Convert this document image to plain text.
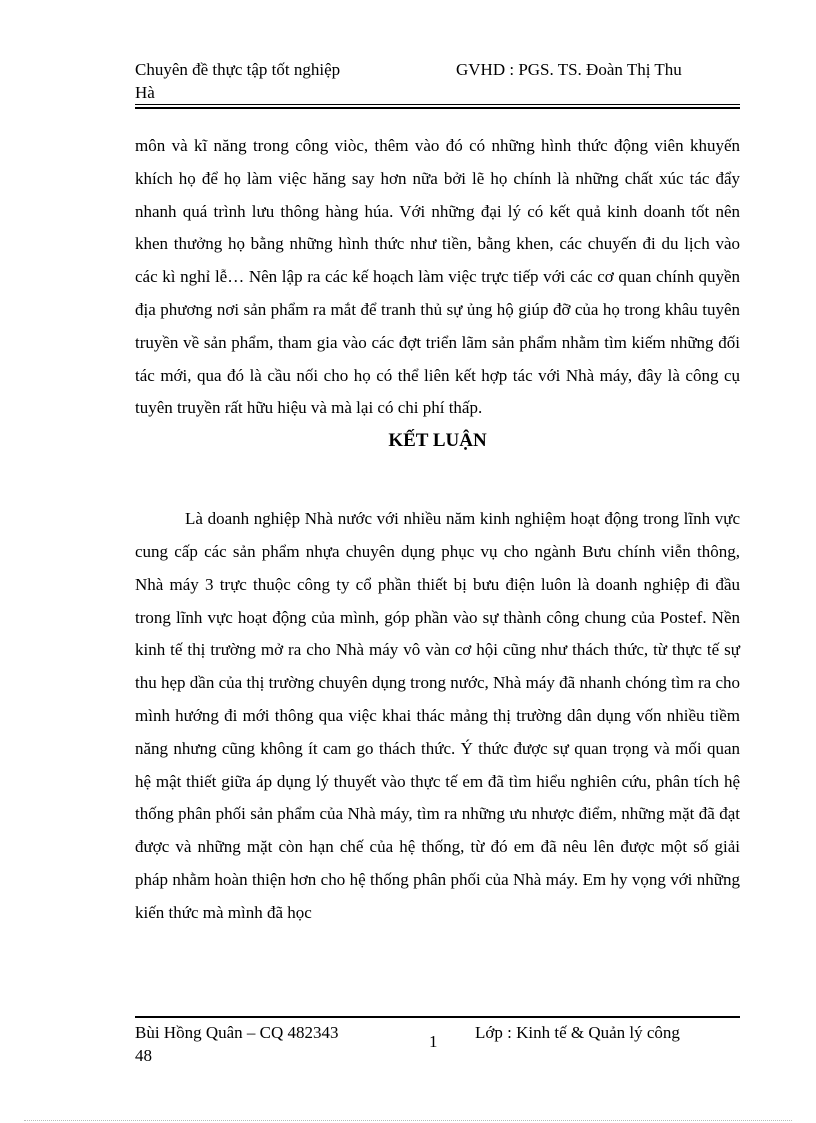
Chuyên đề thực tập tốt nghiệp	GVHD : PGS. TS. Đoàn Thị Thu
Hà

môn và kĩ năng trong công viòc, thêm vào đó có những hình thức động viên khuyến khích họ để họ làm việc hăng say hơn nữa bởi lẽ họ chính là những chất xúc tác đẩy nhanh quá trình lưu thông hàng húa. Với những đại lý có kết quả kinh doanh tốt nên khen thưởng họ bằng những hình thức như tiền, bằng khen, các chuyến đi du lịch vào các kì nghỉ lễ… Nên lập ra các kế hoạch làm việc trực tiếp với các cơ quan chính quyền địa phương nơi sản phẩm ra mắt để tranh thủ sự ủng hộ giúp đỡ của họ trong khâu tuyên truyền về sản phẩm, tham gia vào các đợt triển lãm sản phẩm nhằm tìm kiếm những đối tác mới, qua đó là cầu nối cho họ có thể liên kết hợp tác với Nhà máy, đây là công cụ tuyên truyền rất hữu hiệu và mà lại có chi phí thấp.

KẾT LUẬN

Là doanh nghiệp Nhà nước với nhiều năm kinh nghiệm hoạt động trong lĩnh vực cung cấp các sản phẩm nhựa chuyên dụng phục vụ cho ngành Bưu chính viễn thông, Nhà máy 3 trực thuộc công ty cổ phần thiết bị bưu điện luôn là doanh nghiệp đi đầu trong lĩnh vực hoạt động của mình, góp phần vào sự thành công chung của Postef. Nền kinh tế thị trường mở ra cho Nhà máy vô vàn cơ hội cũng như thách thức, từ thực tế sự thu hẹp dần của thị trường chuyên dụng trong nước, Nhà máy đã nhanh chóng tìm ra cho mình hướng đi mới thông qua việc khai thác mảng thị trường dân dụng vốn nhiều tiềm năng nhưng cũng không ít cam go thách thức. Ý thức được sự quan trọng và mối quan hệ mật thiết giữa áp dụng lý thuyết vào thực tế em đã tìm hiểu nghiên cứu, phân tích hệ thống phân phối sản phẩm của Nhà máy, tìm ra những ưu nhược điểm, những mặt đã đạt được và những mặt còn hạn chế của hệ thống, từ đó em đã nêu lên được một số giải pháp nhằm hoàn thiện hơn cho hệ thống phân phối của Nhà máy. Em hy vọng với những kiến thức mà mình đã học

Bùi Hồng Quân – CQ 482343	1 Lớp : Kinh tế & Quản lý công
48
